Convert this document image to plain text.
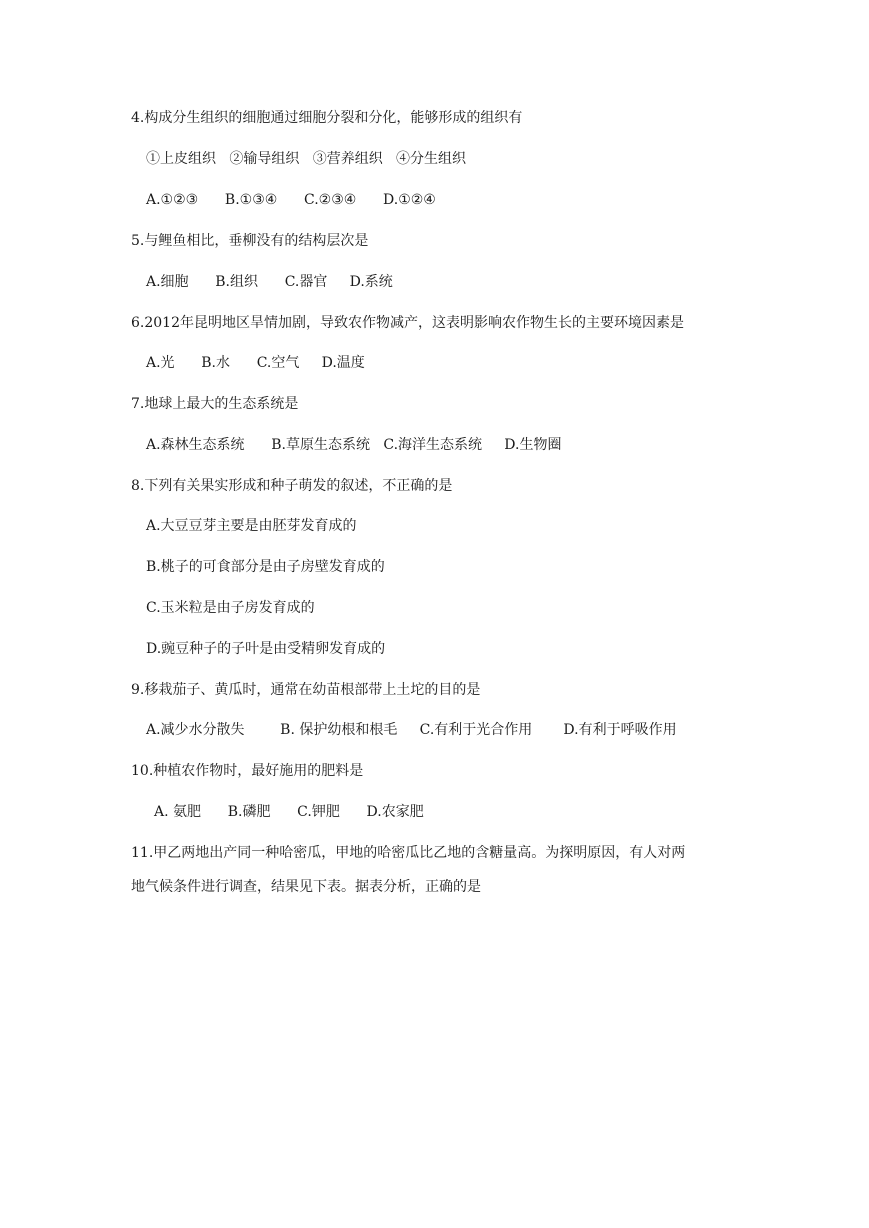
4.构成分生组织的细胞通过细胞分裂和分化，能够形成的组织有
①上皮组织   ②输导组织   ③营养组织   ④分生组织
A.①②③      B.①③④      C.②③④      D.①②④
5.与鲤鱼相比，垂柳没有的结构层次是
A.细胞      B.组织      C.器官     D.系统
6.2012年昆明地区旱情加剧，导致农作物减产，这表明影响农作物生长的主要环境因素是
A.光      B.水      C.空气     D.温度
7.地球上最大的生态系统是
A.森林生态系统      B.草原生态系统   C.海洋生态系统     D.生物圈
8.下列有关果实形成和种子萌发的叙述，不正确的是
A.大豆豆芽主要是由胚芽发育成的
B.桃子的可食部分是由子房壁发育成的
C.玉米粒是由子房发育成的
D.豌豆种子的子叶是由受精卵发育成的
9.移栽茄子、黄瓜时，通常在幼苗根部带上土坨的目的是
A.减少水分散失        B. 保护幼根和根毛     C.有利于光合作用       D.有利于呼吸作用
10.种植农作物时，最好施用的肥料是
A. 氨肥      B.磷肥      C.钾肥      D.农家肥
11.甲乙两地出产同一种哈密瓜，甲地的哈密瓜比乙地的含糖量高。为探明原因，有人对两
地气候条件进行调查，结果见下表。据表分析，正确的是
